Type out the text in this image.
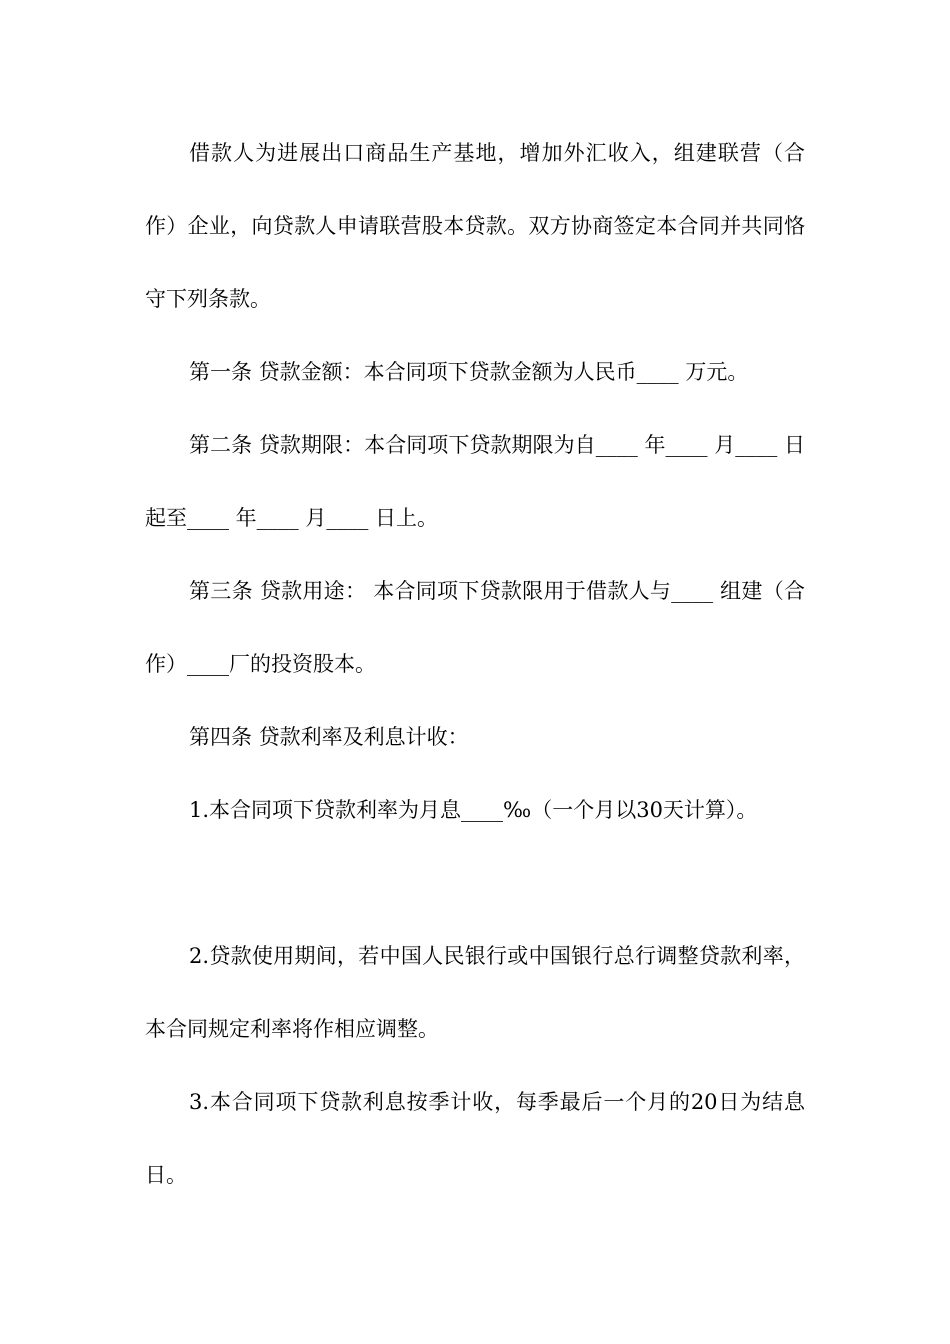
借款人为进展出口商品生产基地，增加外汇收入，组建联营（合作）企业，向贷款人申请联营股本贷款。双方协商签定本合同并共同恪守下列条款。

第一条 贷款金额：本合同项下贷款金额为人民币____ 万元。

第二条 贷款期限：本合同项下贷款期限为自____ 年____ 月____ 日起至____ 年____ 月____ 日上。

第三条 贷款用途： 本合同项下贷款限用于借款人与____ 组建（合作）____厂的投资股本。

第四条 贷款利率及利息计收：

1.本合同项下贷款利率为月息____‰（一个月以30天计算）。

2.贷款使用期间，若中国人民银行或中国银行总行调整贷款利率，本合同规定利率将作相应调整。

3.本合同项下贷款利息按季计收，每季最后一个月的20日为结息日。
